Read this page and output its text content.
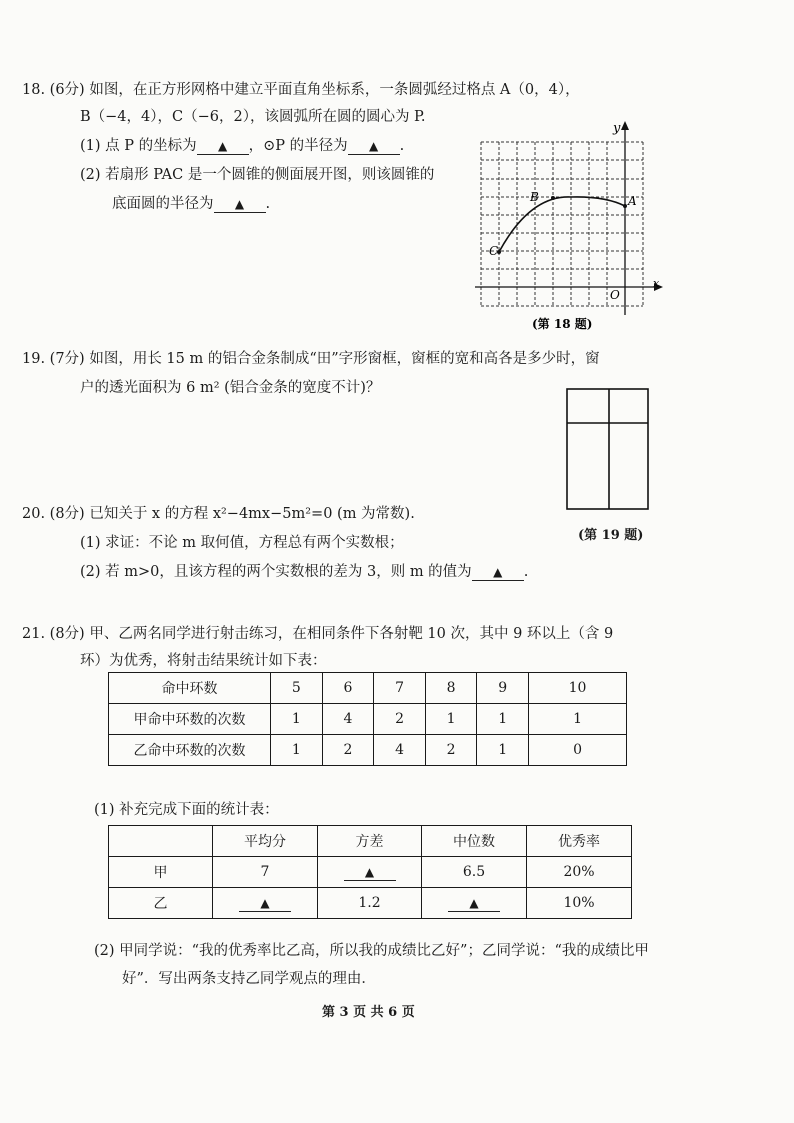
18. (6分) 如图，在正方形网格中建立平面直角坐标系，一条圆弧经过格点 A（0，4），
B（−4，4），C（−6，2），该圆弧所在圆的圆心为 P.
(1) 点 P 的坐标为 ▲ ，⊙P 的半径为 ▲ .
(2) 若扇形 PAC 是一个圆锥的侧面展开图，则该圆锥的
底面圆的半径为 ▲ .
y
x
O
A
B
C
(第 18 题)
19. (7分) 如图，用长 15 m 的铝合金条制成“田”字形窗框，窗框的宽和高各是多少时，窗
户的透光面积为 6 m² (铝合金条的宽度不计)？
(第 19 题)
20. (8分) 已知关于 x 的方程 x²−4mx−5m²=0 (m 为常数).
(1) 求证：不论 m 取何值，方程总有两个实数根；
(2) 若 m>0，且该方程的两个实数根的差为 3，则 m 的值为 ▲ .
21. (8分) 甲、乙两名同学进行射击练习，在相同条件下各射靶 10 次，其中 9 环以上（含 9
环）为优秀，将射击结果统计如下表：
命中环数	5	6	7	8	9	10
甲命中环数的次数	1	4	2	1	1	1
乙命中环数的次数	1	2	4	2	1	0
(1) 补充完成下面的统计表：
	平均分	方差	中位数	优秀率
甲	7	▲	6.5	20%
乙	▲	1.2	▲	10%
(2) 甲同学说：“我的优秀率比乙高，所以我的成绩比乙好”；乙同学说：“我的成绩比甲
好”．写出两条支持乙同学观点的理由．
第 3 页 共 6 页
